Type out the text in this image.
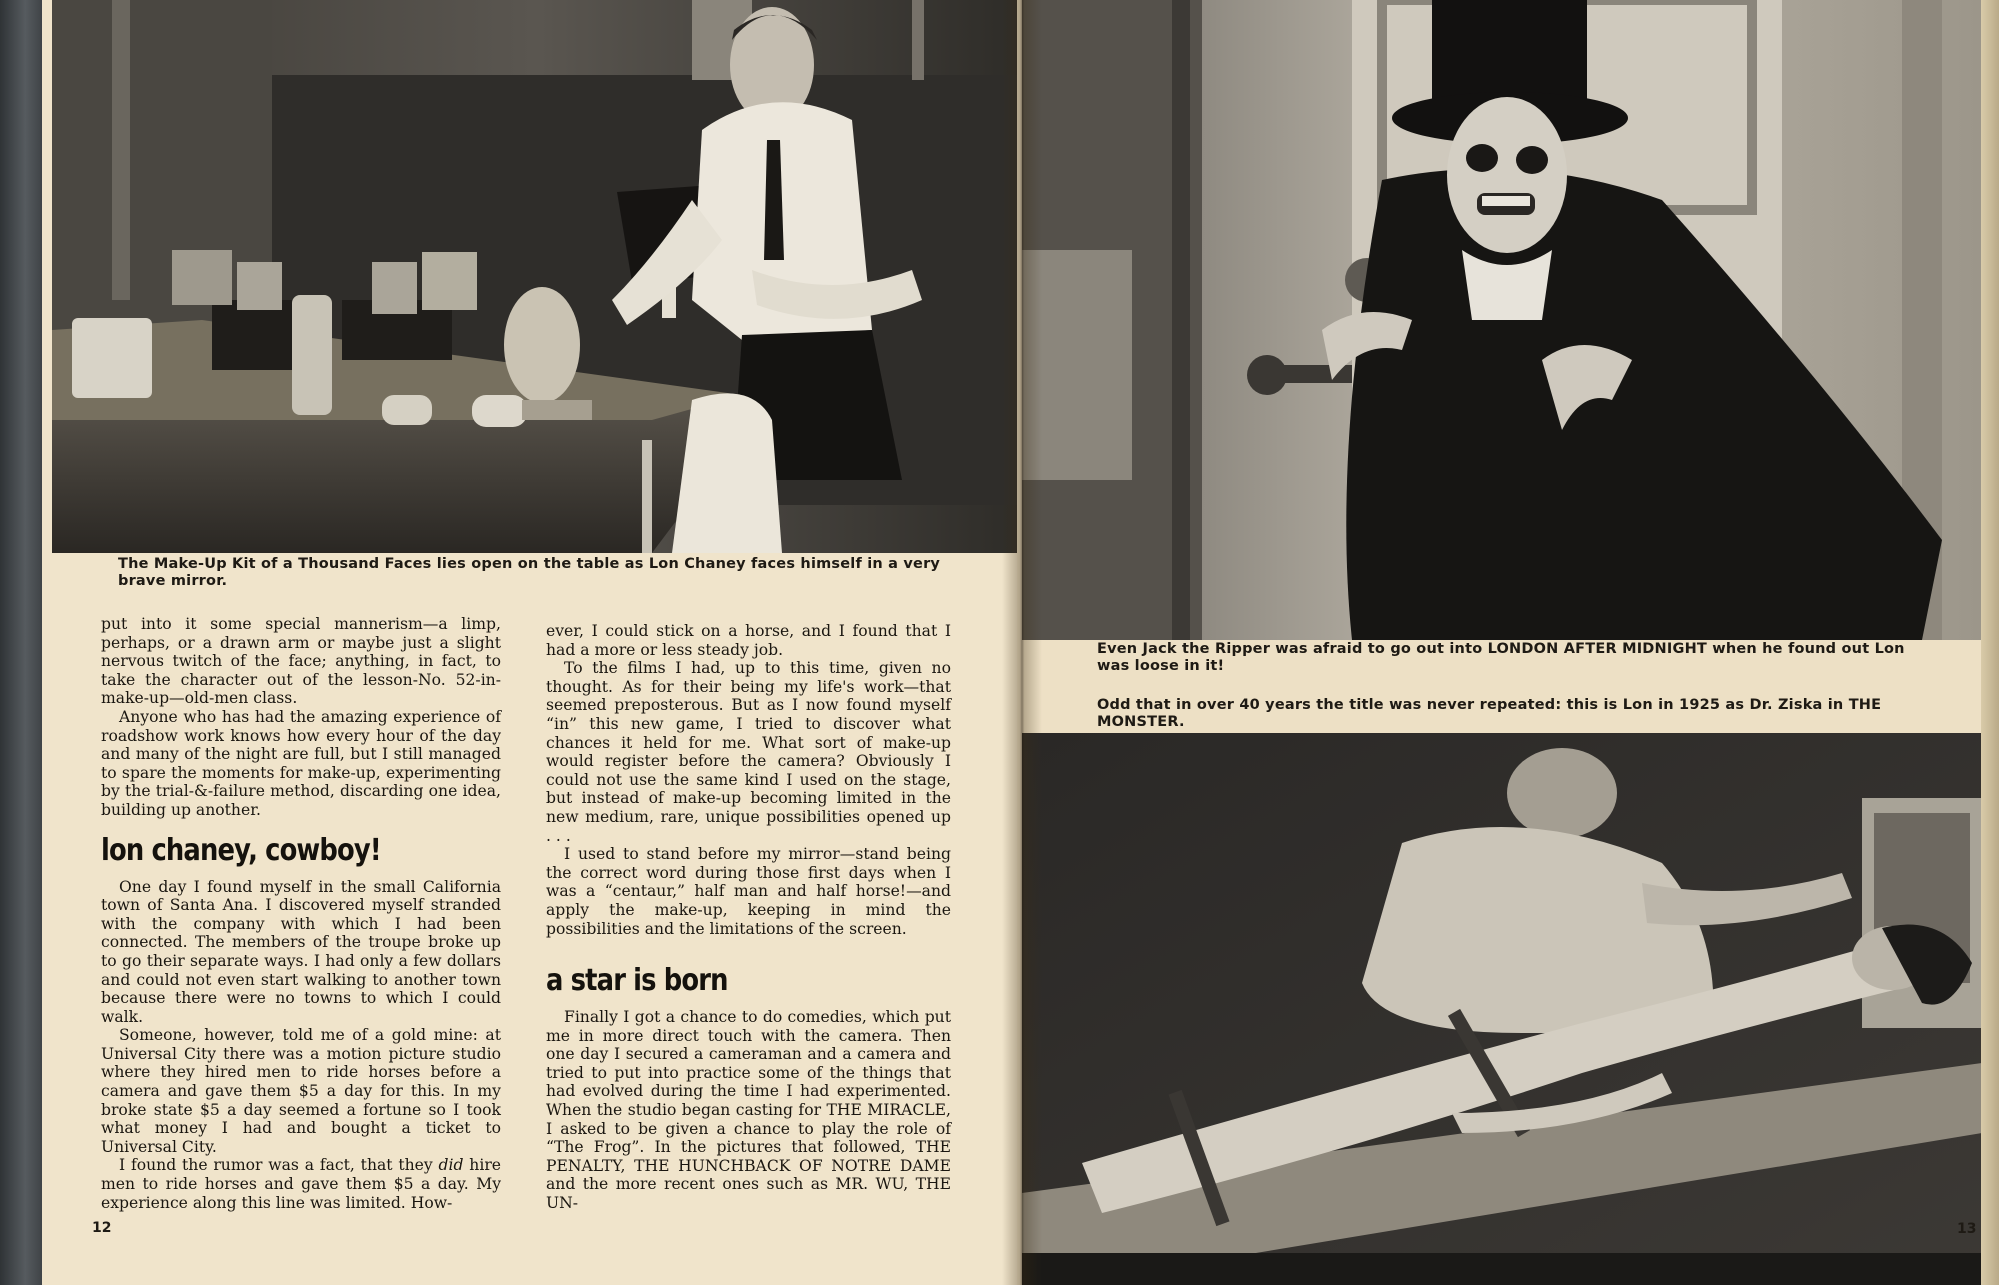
The Make-Up Kit of a Thousand Faces lies open on the table as Lon Chaney faces himself in a very brave mirror.

put into it some special mannerism—a limp, perhaps, or a drawn arm or maybe just a slight nervous twitch of the face; anything, in fact, to take the character out of the lesson-No. 52-in-make-up—old-men class.

Anyone who has had the amazing experience of roadshow work knows how every hour of the day and many of the night are full, but I still managed to spare the moments for make-up, experimenting by the trial-&-failure method, discarding one idea, building up another.

lon chaney, cowboy!

One day I found myself in the small California town of Santa Ana. I discovered myself stranded with the company with which I had been connected. The members of the troupe broke up to go their separate ways. I had only a few dollars and could not even start walking to another town because there were no towns to which I could walk.

Someone, however, told me of a gold mine: at Universal City there was a motion picture studio where they hired men to ride horses before a camera and gave them $5 a day for this. In my broke state $5 a day seemed a fortune so I took what money I had and bought a ticket to Universal City.

I found the rumor was a fact, that they did hire men to ride horses and gave them $5 a day. My experience along this line was limited. How-

ever, I could stick on a horse, and I found that I had a more or less steady job.

To the films I had, up to this time, given no thought. As for their being my life's work—that seemed preposterous. But as I now found myself “in” this new game, I tried to discover what chances it held for me. What sort of make-up would register before the camera? Obviously I could not use the same kind I used on the stage, but instead of make-up becoming limited in the new medium, rare, unique possibilities opened up . . .

I used to stand before my mirror—stand being the correct word during those first days when I was a “centaur,” half man and half horse!—and apply the make-up, keeping in mind the possibilities and the limitations of the screen.

a star is born

Finally I got a chance to do comedies, which put me in more direct touch with the camera. Then one day I secured a cameraman and a camera and tried to put into practice some of the things that had evolved during the time I had experimented. When the studio began casting for THE MIRACLE, I asked to be given a chance to play the role of “The Frog”. In the pictures that followed, THE PENALTY, THE HUNCHBACK OF NOTRE DAME and the more recent ones such as MR. WU, THE UN-

12
Even Jack the Ripper was afraid to go out into LONDON AFTER MIDNIGHT when he found out Lon was loose in it!
Odd that in over 40 years the title was never repeated: this is Lon in 1925 as Dr. Ziska in THE MONSTER.
13
